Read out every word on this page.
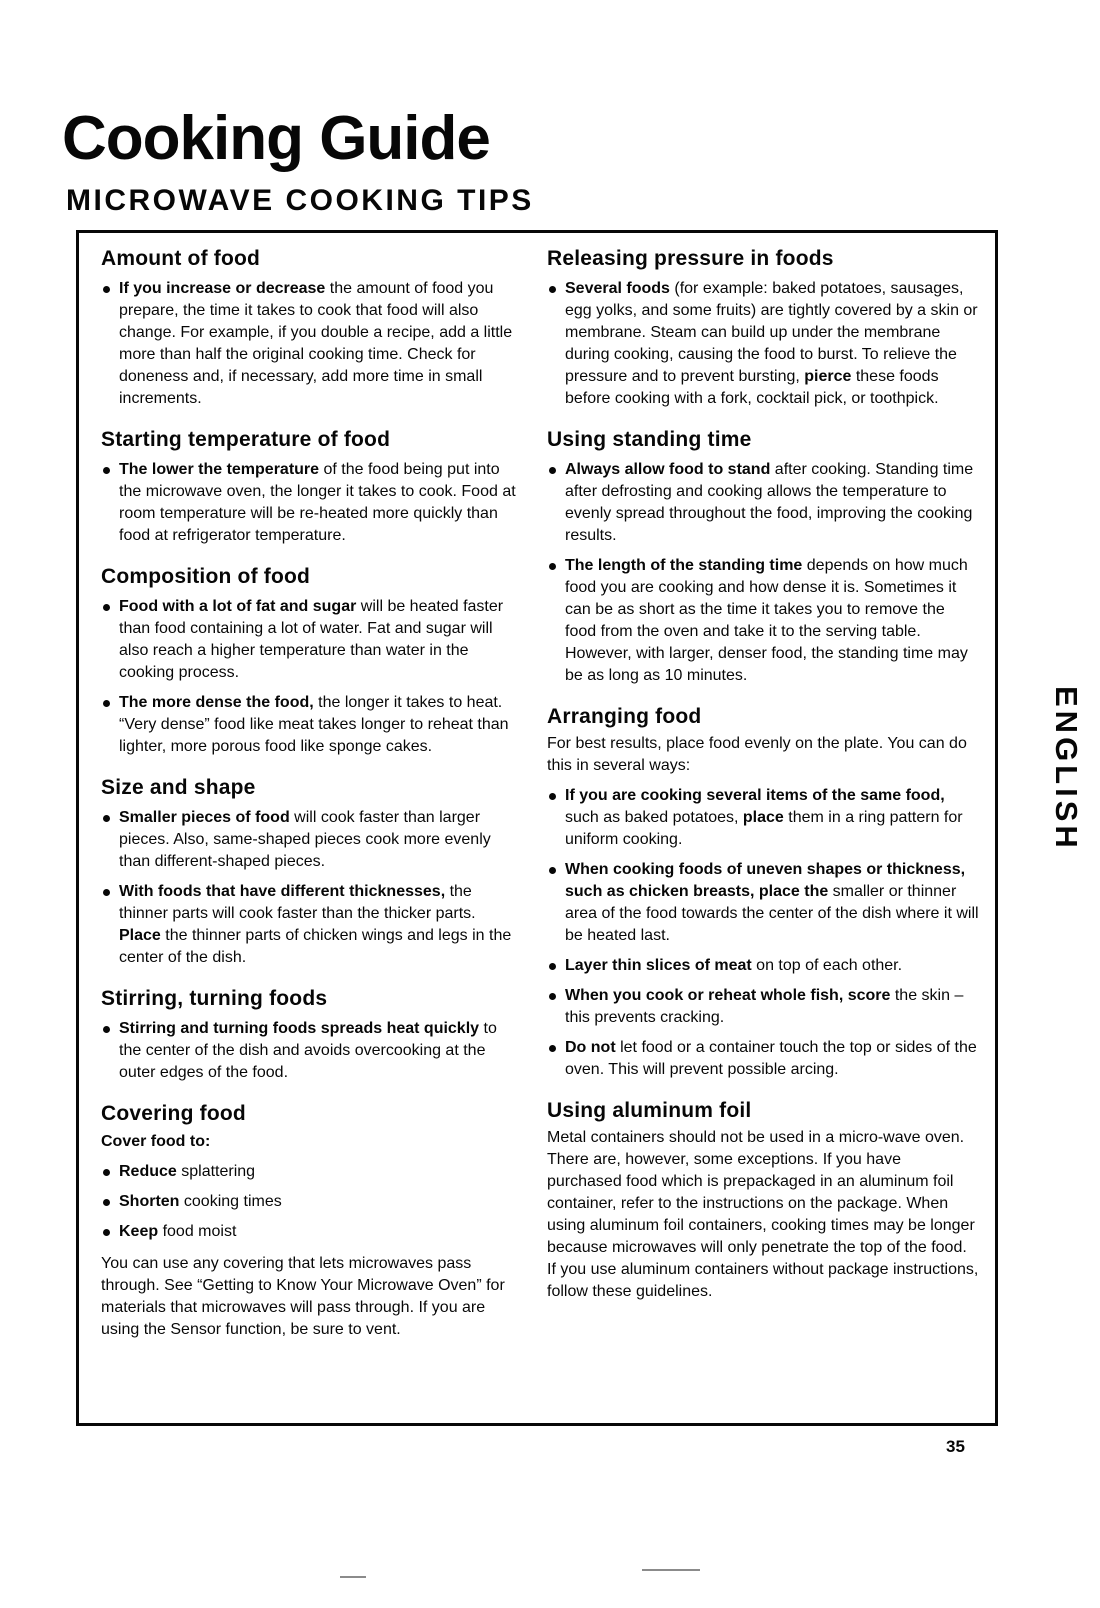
Cooking Guide
MICROWAVE COOKING TIPS
Amount of food
If you increase or decrease the amount of food you prepare, the time it takes to cook that food will also change. For example, if you double a recipe, add a little more than half the original cooking time. Check for doneness and, if necessary, add more time in small increments.
Starting temperature of food
The lower the temperature of the food being put into the microwave oven, the longer it takes to cook. Food at room temperature will be re-heated more quickly than food at refrigerator temperature.
Composition of food
Food with a lot of fat and sugar will be heated faster than food containing a lot of water. Fat and sugar will also reach a higher temperature than water in the cooking process.
The more dense the food, the longer it takes to heat. “Very dense” food like meat takes longer to reheat than lighter, more porous food like sponge cakes.
Size and shape
Smaller pieces of food will cook faster than larger pieces. Also, same-shaped pieces cook more evenly than different-shaped pieces.
With foods that have different thicknesses, the thinner parts will cook faster than the thicker parts. Place the thinner parts of chicken wings and legs in the center of the dish.
Stirring, turning foods
Stirring and turning foods spreads heat quickly to the center of the dish and avoids overcooking at the outer edges of the food.
Covering food

Cover food to:

Reduce splattering
Shorten cooking times
Keep food moist

You can use any covering that lets microwaves pass through. See “Getting to Know Your Microwave Oven” for materials that microwaves will pass through. If you are using the Sensor function, be sure to vent.

Releasing pressure in foods
Several foods (for example: baked potatoes, sausages, egg yolks, and some fruits) are tightly covered by a skin or membrane. Steam can build up under the membrane during cooking, causing the food to burst. To relieve the pressure and to prevent bursting, pierce these foods before cooking with a fork, cocktail pick, or toothpick.
Using standing time
Always allow food to stand after cooking. Standing time after defrosting and cooking allows the temperature to evenly spread throughout the food, improving the cooking results.
The length of the standing time depends on how much food you are cooking and how dense it is. Sometimes it can be as short as the time it takes you to remove the food from the oven and take it to the serving table. However, with larger, denser food, the standing time may be as long as 10 minutes.
Arranging food

For best results, place food evenly on the plate. You can do this in several ways:

If you are cooking several items of the same food, such as baked potatoes, place them in a ring pattern for uniform cooking.
When cooking foods of uneven shapes or thickness, such as chicken breasts, place the smaller or thinner area of the food towards the center of the dish where it will be heated last.
Layer thin slices of meat on top of each other.
When you cook or reheat whole fish, score the skin – this prevents cracking.
Do not let food or a container touch the top or sides of the oven. This will prevent possible arcing.
Using aluminum foil

Metal containers should not be used in a micro-wave oven. There are, however, some exceptions. If you have purchased food which is prepackaged in an aluminum foil container, refer to the instructions on the package. When using aluminum foil containers, cooking times may be longer because microwaves will only penetrate the top of the food. If you use aluminum containers without package instructions, follow these guidelines.

ENGLISH
35
